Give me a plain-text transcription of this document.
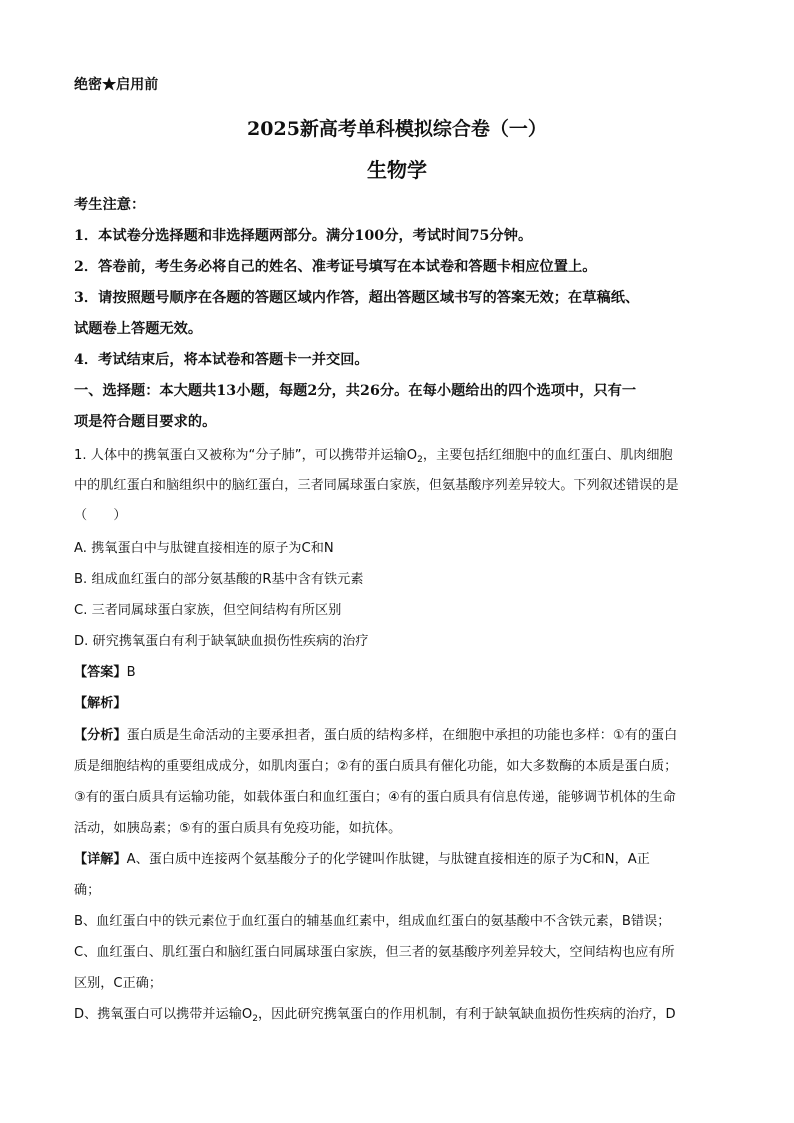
绝密★启用前
2025新高考单科模拟综合卷（一）
生物学
考生注意：
1．本试卷分选择题和非选择题两部分。满分100分，考试时间75分钟。
2．答卷前，考生务必将自己的姓名、准考证号填写在本试卷和答题卡相应位置上。
3．请按照题号顺序在各题的答题区域内作答，超出答题区域书写的答案无效；在草稿纸、
试题卷上答题无效。
4．考试结束后，将本试卷和答题卡一并交回。
一、选择题：本大题共13小题，每题2分，共26分。在每小题给出的四个选项中，只有一
项是符合题目要求的。
1. 人体中的携氧蛋白又被称为“分子肺”，可以携带并运输$O_2$，主要包括红细胞中的血红蛋白、肌肉细胞
中的肌红蛋白和脑组织中的脑红蛋白，三者同属球蛋白家族，但氨基酸序列差异较大。下列叙述错误的是
（　　）
A. 携氧蛋白中与肽键直接相连的原子为C和N
B. 组成血红蛋白的部分氨基酸的R基中含有铁元素
C. 三者同属球蛋白家族，但空间结构有所区别
D. 研究携氧蛋白有利于缺氧缺血损伤性疾病的治疗
【答案】B
【解析】
【分析】蛋白质是生命活动的主要承担者，蛋白质的结构多样，在细胞中承担的功能也多样：①有的蛋白
质是细胞结构的重要组成成分，如肌肉蛋白；②有的蛋白质具有催化功能，如大多数酶的本质是蛋白质；
③有的蛋白质具有运输功能，如载体蛋白和血红蛋白；④有的蛋白质具有信息传递，能够调节机体的生命
活动，如胰岛素；⑤有的蛋白质具有免疫功能，如抗体。
【详解】A、蛋白质中连接两个氨基酸分子的化学键叫作肽键，与肽键直接相连的原子为C和N，A正
确；
B、血红蛋白中的铁元素位于血红蛋白的辅基血红素中，组成血红蛋白的氨基酸中不含铁元素，B错误；
C、血红蛋白、肌红蛋白和脑红蛋白同属球蛋白家族，但三者的氨基酸序列差异较大，空间结构也应有所
区别，C正确；
D、携氧蛋白可以携带并运输$O_2$，因此研究携氧蛋白的作用机制，有利于缺氧缺血损伤性疾病的治疗，D
